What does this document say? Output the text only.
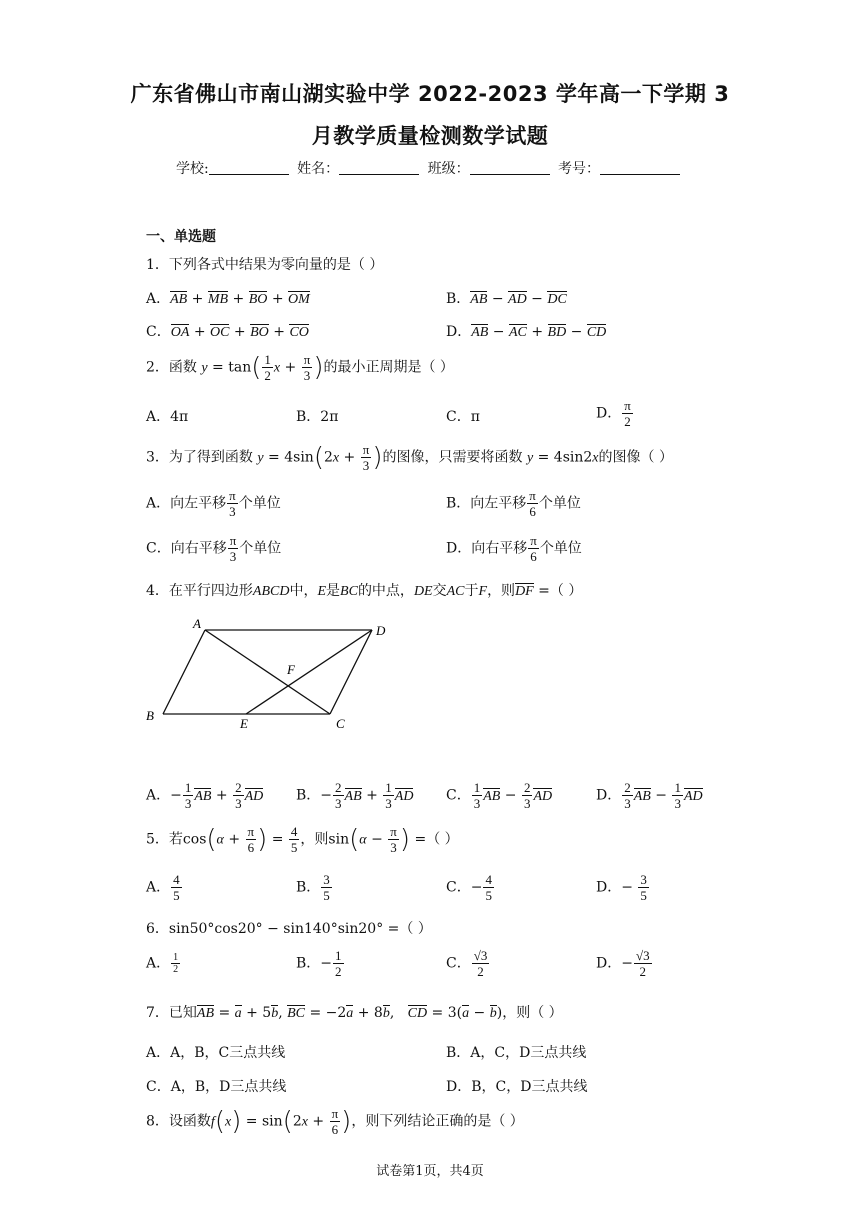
广东省佛山市南山湖实验中学 2022-2023 学年高一下学期 3
月教学质量检测数学试题
学校:	姓名：	班级：	考号：
一、单选题
1．下列各式中结果为零向量的是（ ）
A．AB + MB + BO + OM	B．AB − AD − DC
C．OA + OC + BO + CO	D．AB − AC + BD − CD
2．函数 $y = \tan( \frac{1}{2}$ $x + \frac{\pi}{3}$ )的最小正周期是（ ）
A．4π	B．2π	C．π	D． $\frac{\pi}{2}$
3．为了得到函数 $y = 4\sin(2x + \frac{\pi}{3}$ )的图像，只需要将函数 y = 4sin2x的图像（ ）
A．向左平移 $\frac{\pi}{3}$ 个单位	B．向左平移 $\frac{\pi}{6}$ 个单位
C．向右平移 $\frac{\pi}{3}$ 个单位	D．向右平移 $\frac{\pi}{6}$ 个单位
4．在平行四边形ABCD中，E是BC的中点，DE交AC于F，则DF =（ ）
A	D
B
C
E
F
A．− $\frac{1}{3}$ AB + $\frac{2}{3}$ AD B．− $\frac{2}{3}$ AB + $\frac{1}{3}$ AD C． $\frac{1}{3}$ AB − $\frac{2}{3}$ AD	D． $\frac{2}{3}$ AB − $\frac{1}{3}$ AD
5．若$\cos(\alpha + \frac{\pi}{6}$ ) = $\frac{4}{5}$ ，则$\sin(\alpha - \frac{\pi}{3}$ ) =（ ）
A． $\frac{4}{5}$	B． $\frac{3}{5}$	C．− $\frac{4}{5}$	D．− $\frac{3}{5}$
6．sin50°cos20° − sin140°sin20° =（ ）
A． $\frac{1}{2}$	B．− $\frac{1}{2}$	C． $\frac{√3}{2}$	D．− $\frac{√3}{2}$
7．已知AB = a + 5b, BC = −2a + 8b,   CD = 3(a − b)，则（ ）
A．A，B，C三点共线	B．A，C，D三点共线
C．A，B，D三点共线	D．B，C，D三点共线
8．设函数$f(x) = \sin(2x + \frac{\pi}{6}$ )，则下列结论正确的是（ ）
试卷第1页，共4页
